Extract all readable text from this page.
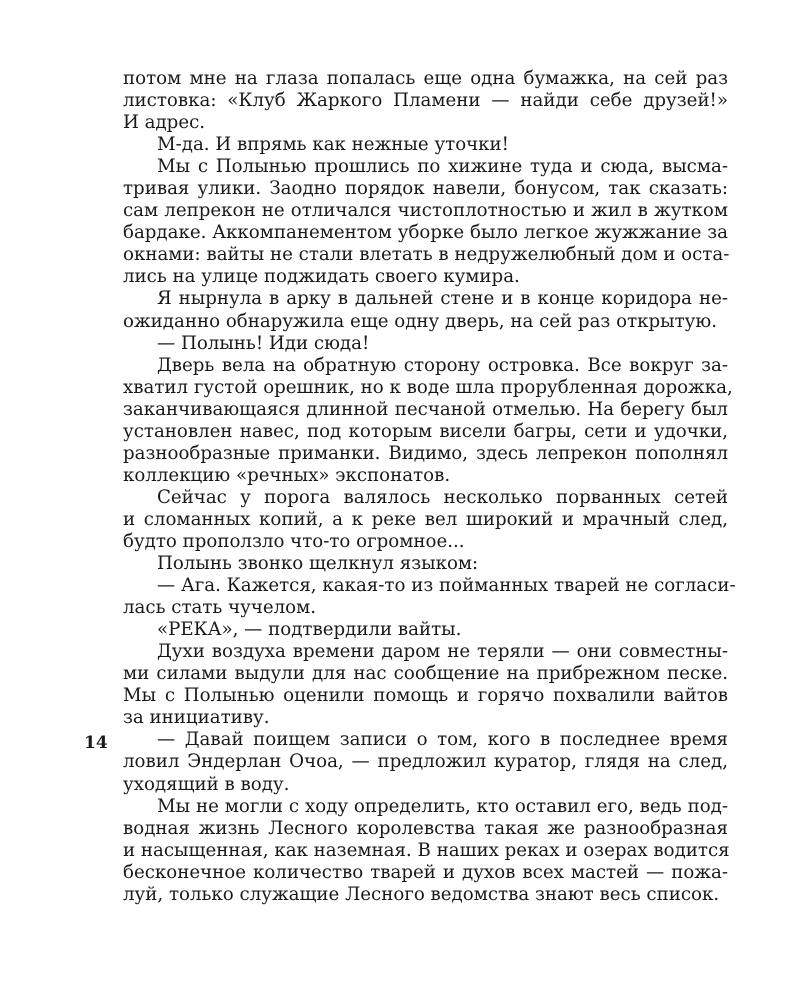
потом мне на глаза попалась еще одна бумажка, на сей раз
листовка: «Клуб Жаркого Пламени — найди себе друзей!»
И адрес.
М-да. И впрямь как нежные уточки!
Мы с Полынью прошлись по хижине туда и сюда, высма-
тривая улики. Заодно порядок навели, бонусом, так сказать:
сам лепрекон не отличался чистоплотностью и жил в жутком
бардаке. Аккомпанементом уборке было легкое жужжание за
окнами: вайты не стали влетать в недружелюбный дом и оста-
лись на улице поджидать своего кумира.
Я нырнула в арку в дальней стене и в конце коридора не-
ожиданно обнаружила еще одну дверь, на сей раз открытую.
— Полынь! Иди сюда!
Дверь вела на обратную сторону островка. Все вокруг за-
хватил густой орешник, но к воде шла прорубленная дорожка,
заканчивающаяся длинной песчаной отмелью. На берегу был
установлен навес, под которым висели багры, сети и удочки,
разнообразные приманки. Видимо, здесь лепрекон пополнял
коллекцию «речных» экспонатов.
Сейчас у порога валялось несколько порванных сетей
и сломанных копий, а к реке вел широкий и мрачный след,
будто проползло что-то огромное...
Полынь звонко щелкнул языком:
— Ага. Кажется, какая-то из пойманных тварей не согласи-
лась стать чучелом.
«РЕКА», — подтвердили вайты.
Духи воздуха времени даром не теряли — они совместны-
ми силами выдули для нас сообщение на прибрежном песке.
Мы с Полынью оценили помощь и горячо похвалили вайтов
за инициативу.
— Давай поищем записи о том, кого в последнее время
ловил Эндерлан Очоа, — предложил куратор, глядя на след,
уходящий в воду.
Мы не могли с ходу определить, кто оставил его, ведь под-
водная жизнь Лесного королевства такая же разнообразная
и насыщенная, как наземная. В наших реках и озерах водится
бесконечное количество тварей и духов всех мастей — пожа-
луй, только служащие Лесного ведомства знают весь список.
14
